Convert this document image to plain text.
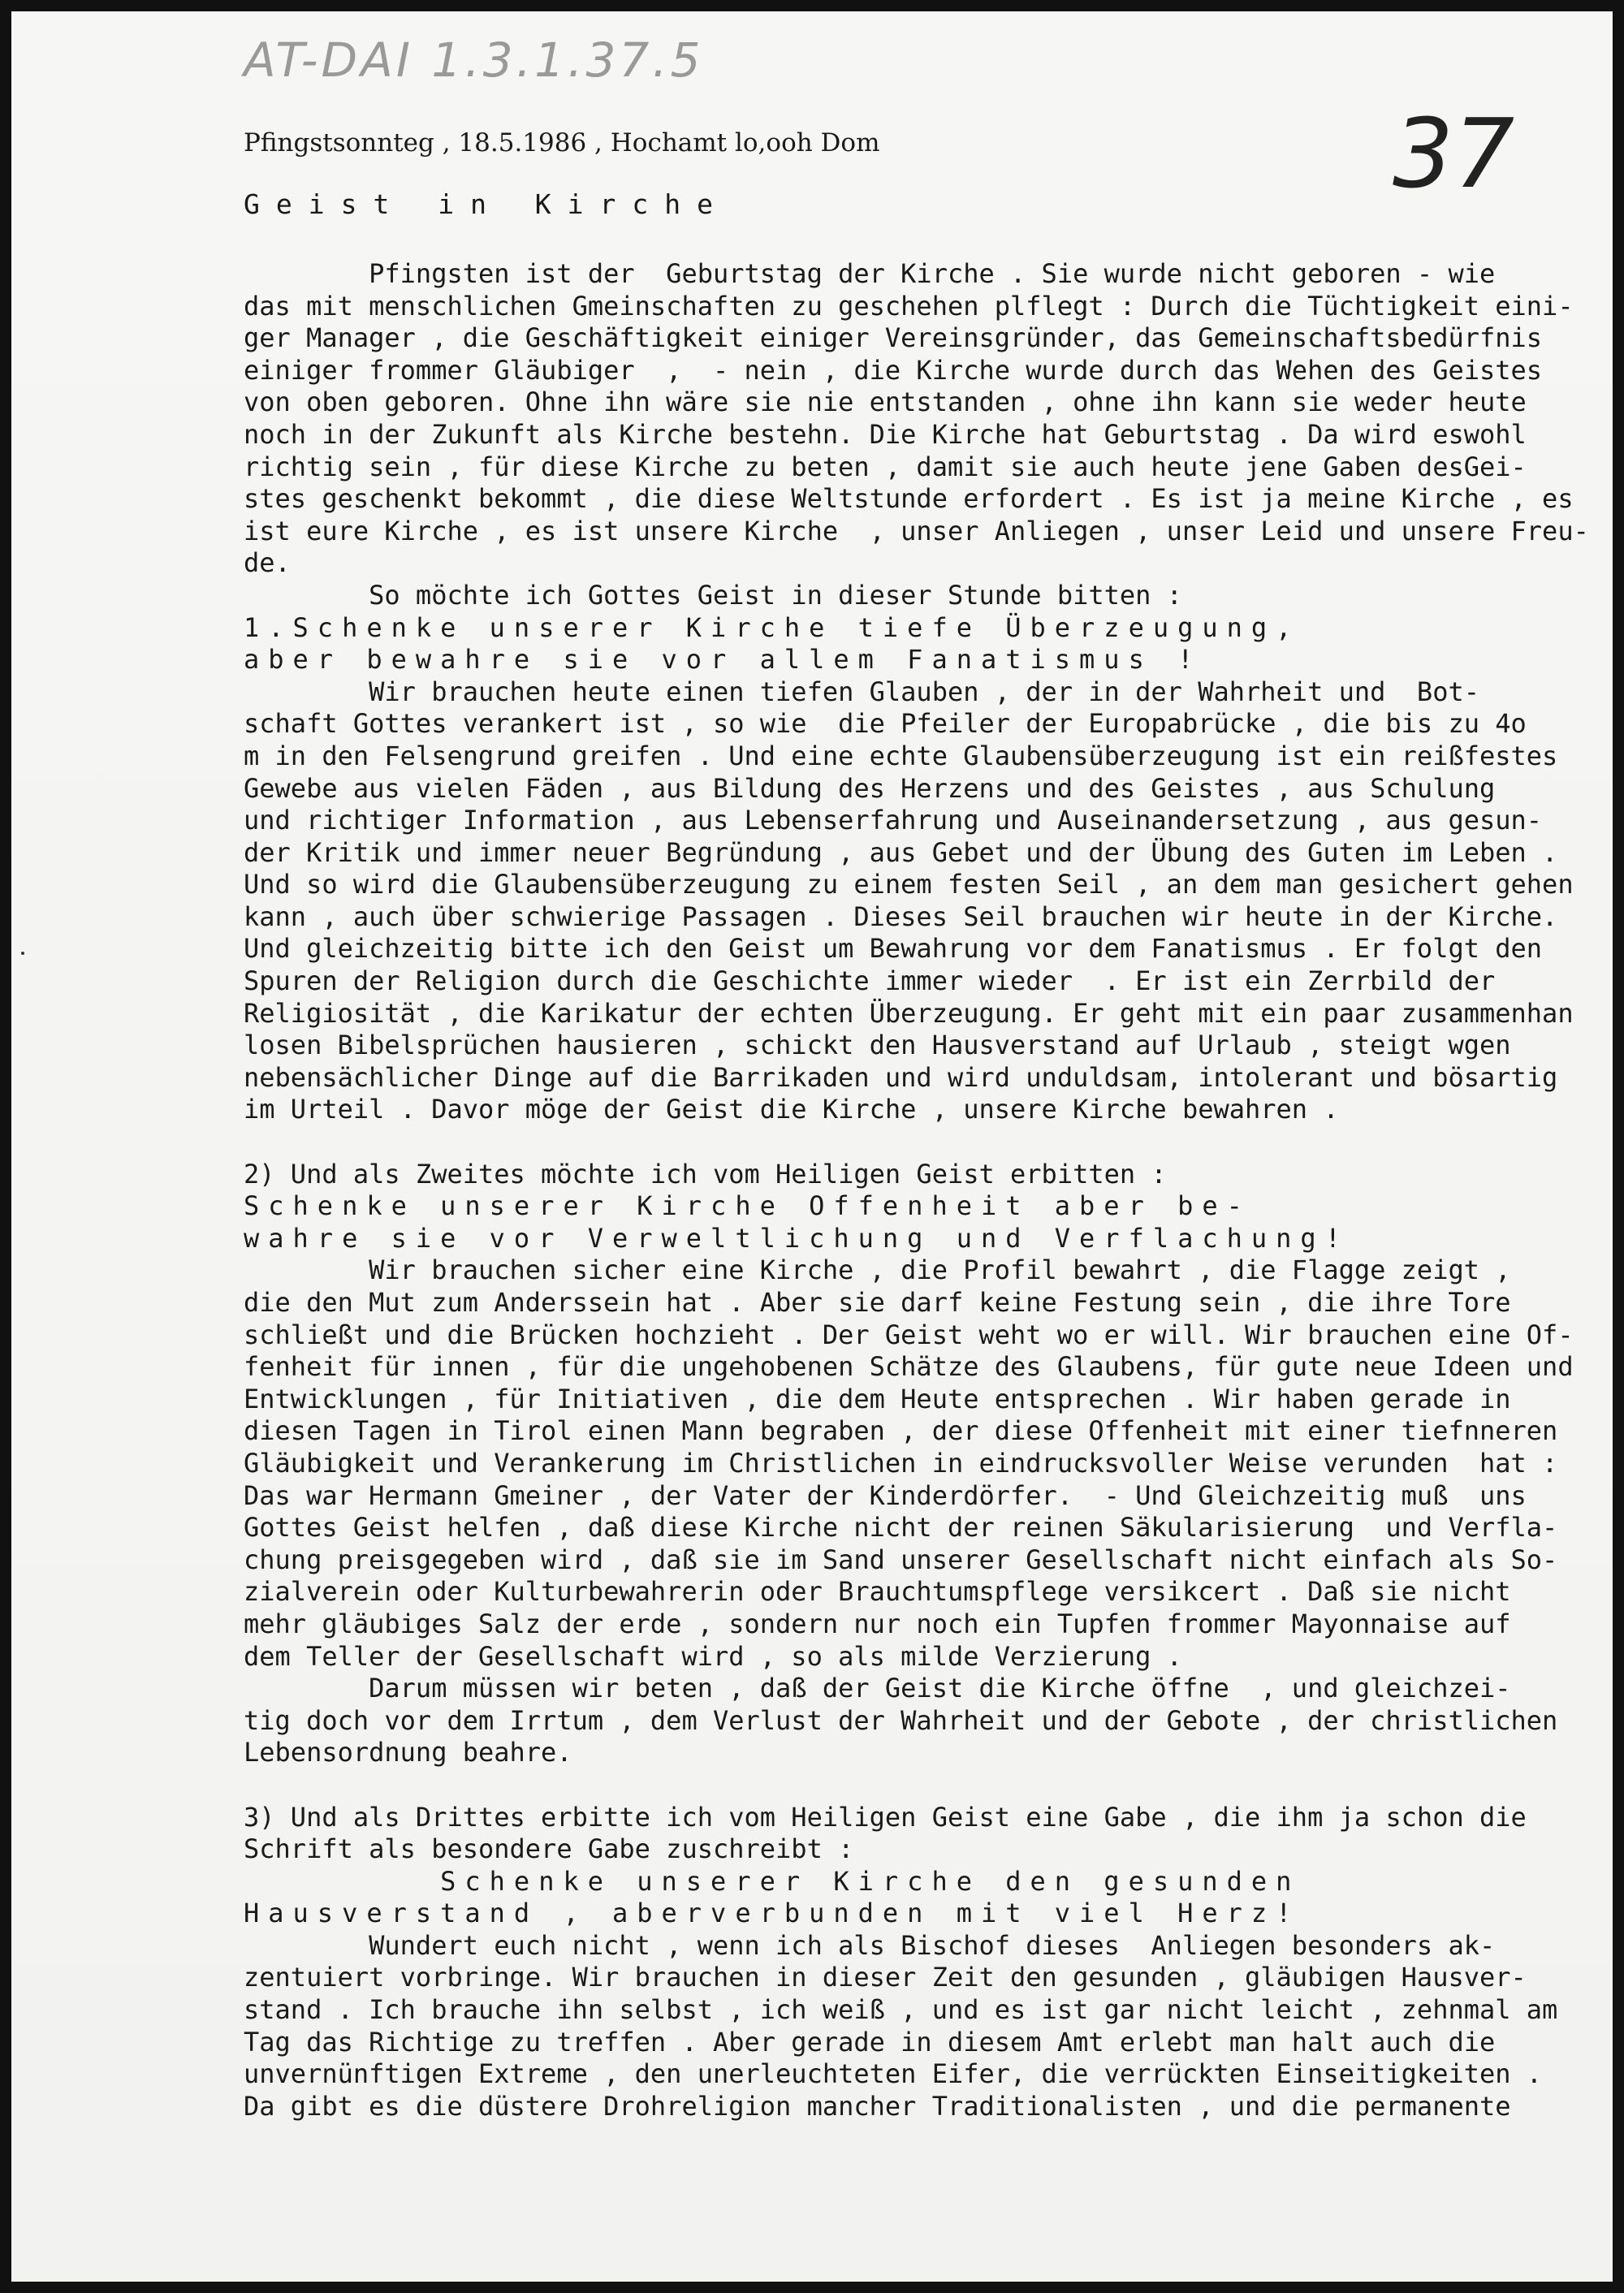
AT-DAI 1.3.1.37.5
37
Pfingstsonnteg , 18.5.1986 , Hochamt lo,ooh Dom
Geist in Kirche
Pfingsten ist der  Geburtstag der Kirche . Sie wurde nicht geboren - wie
das mit menschlichen Gmeinschaften zu geschehen plflegt : Durch die Tüchtigkeit eini-
ger Manager , die Geschäftigkeit einiger Vereinsgründer, das Gemeinschaftsbedürfnis
einiger frommer Gläubiger  ,  - nein , die Kirche wurde durch das Wehen des Geistes
von oben geboren. Ohne ihn wäre sie nie entstanden , ohne ihn kann sie weder heute
noch in der Zukunft als Kirche bestehn. Die Kirche hat Geburtstag . Da wird eswohl
richtig sein , für diese Kirche zu beten , damit sie auch heute jene Gaben desGei-
stes geschenkt bekommt , die diese Weltstunde erfordert . Es ist ja meine Kirche , es
ist eure Kirche , es ist unsere Kirche  , unser Anliegen , unser Leid und unsere Freu-
de.
So möchte ich Gottes Geist in dieser Stunde bitten :
1.Schenke unserer Kirche tiefe Überzeugung,
aber bewahre sie vor allem Fanatismus !
Wir brauchen heute einen tiefen Glauben , der in der Wahrheit und  Bot-
schaft Gottes verankert ist , so wie  die Pfeiler der Europabrücke , die bis zu 4o
m in den Felsengrund greifen . Und eine echte Glaubensüberzeugung ist ein reißfestes
Gewebe aus vielen Fäden , aus Bildung des Herzens und des Geistes , aus Schulung
und richtiger Information , aus Lebenserfahrung und Auseinandersetzung , aus gesun-
der Kritik und immer neuer Begründung , aus Gebet und der Übung des Guten im Leben .
Und so wird die Glaubensüberzeugung zu einem festen Seil , an dem man gesichert gehen
kann , auch über schwierige Passagen . Dieses Seil brauchen wir heute in der Kirche.
Und gleichzeitig bitte ich den Geist um Bewahrung vor dem Fanatismus . Er folgt den
Spuren der Religion durch die Geschichte immer wieder  . Er ist ein Zerrbild der
Religiosität , die Karikatur der echten Überzeugung. Er geht mit ein paar zusammenhan
losen Bibelsprüchen hausieren , schickt den Hausverstand auf Urlaub , steigt wgen
nebensächlicher Dinge auf die Barrikaden und wird unduldsam, intolerant und bösartig
im Urteil . Davor möge der Geist die Kirche , unsere Kirche bewahren .
2) Und als Zweites möchte ich vom Heiligen Geist erbitten :
Schenke unserer Kirche Offenheit aber be-
wahre sie vor Verweltlichung und Verflachung!
Wir brauchen sicher eine Kirche , die Profil bewahrt , die Flagge zeigt ,
die den Mut zum Anderssein hat . Aber sie darf keine Festung sein , die ihre Tore
schließt und die Brücken hochzieht . Der Geist weht wo er will. Wir brauchen eine Of-
fenheit für innen , für die ungehobenen Schätze des Glaubens, für gute neue Ideen und
Entwicklungen , für Initiativen , die dem Heute entsprechen . Wir haben gerade in
diesen Tagen in Tirol einen Mann begraben , der diese Offenheit mit einer tiefnneren
Gläubigkeit und Verankerung im Christlichen in eindrucksvoller Weise verunden  hat :
Das war Hermann Gmeiner , der Vater der Kinderdörfer.  - Und Gleichzeitig muß  uns
Gottes Geist helfen , daß diese Kirche nicht der reinen Säkularisierung  und Verfla-
chung preisgegeben wird , daß sie im Sand unserer Gesellschaft nicht einfach als So-
zialverein oder Kulturbewahrerin oder Brauchtumspflege versikcert . Daß sie nicht
mehr gläubiges Salz der erde , sondern nur noch ein Tupfen frommer Mayonnaise auf
dem Teller der Gesellschaft wird , so als milde Verzierung .
Darum müssen wir beten , daß der Geist die Kirche öffne  , und gleichzei-
tig doch vor dem Irrtum , dem Verlust der Wahrheit und der Gebote , der christlichen
Lebensordnung beahre.
3) Und als Drittes erbitte ich vom Heiligen Geist eine Gabe , die ihm ja schon die
Schrift als besondere Gabe zuschreibt :
Schenke unserer Kirche den gesunden
Hausverstand , aberverbunden mit viel Herz!
Wundert euch nicht , wenn ich als Bischof dieses  Anliegen besonders ak-
zentuiert vorbringe. Wir brauchen in dieser Zeit den gesunden , gläubigen Hausver-
stand . Ich brauche ihn selbst , ich weiß , und es ist gar nicht leicht , zehnmal am
Tag das Richtige zu treffen . Aber gerade in diesem Amt erlebt man halt auch die
unvernünftigen Extreme , den unerleuchteten Eifer, die verrückten Einseitigkeiten .
Da gibt es die düstere Drohreligion mancher Traditionalisten , und die permanente
